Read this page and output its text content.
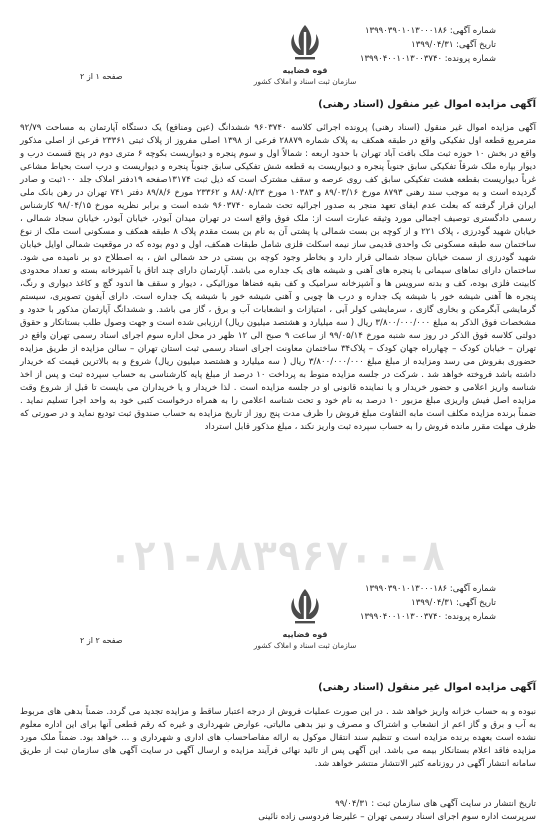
شماره آگهی: ۱۳۹۹۰۳۹۰۱۰۱۳۰۰۰۱۸۶
تاریخ آگهی: ۱۳۹۹/۰۴/۳۱
شماره پرونده: ۱۳۹۹۰۴۰۰۱۰۱۳۰۰۳۷۴۰
صفحه ۱ از ۲
قوه قضاییه
سازمان ثبت اسناد و املاک کشور
آگهی مزایده اموال غیر منقول (اسناد رهنی)
آگهی مزایده اموال غیر منقول (اسناد رهنی) پرونده اجرائی کلاسه ۹۶۰۳۷۴۰ ششدانگ (عین ومنافع) یک دستگاه آپارتمان به مساحت ۹۲/۷۹ مترمربع قطعه اول تفکیکی واقع در طبقه همکف به پلاک شماره ۲۸۸۷۹ فرعی از ۱۳۹۸ اصلی مفروز از پلاک ثبتی ۲۳۳۶۱ فرعی از اصلی مذکور واقع در بخش ۱۰ حوزه ثبت ملک بافت آباد تهران با حدود اربعه : شمالاً اول و سوم پنجره و دیواریست بکوچه ۶ متری دوم در پنج قسمت درب و دیوار بپاره ملک شرقاً تفکیکی سابق جنوباً پنجره و دیواریست به قطعه شش تفکیکی سابق جنوباً پنجره و دیواریست و درب است بحیاط مشاعی غرباً دیواریست بقطعه هشت تفکیکی سابق کف روی عرصه و سقف مشترک است که ذیل ثبت ۱۳۱۷۴صفحه ۱۹دفتر املاک جلد ۱۰۰ثبت و صادر گردیده است و به موجب سند رهنی ۸۷۹۳ مورخ ۸۹/۰۳/۱۶ و ۱۰۳۸۳ مورخ ۸۸/۰۸/۲۳ و ۲۳۳۶۲ مورخ ۸۹/۸/۶ دفتر ۷۴۱ تهران در رهن بانک ملی ایران قرار گرفته که بعلت عدم ایفای تعهد منجر به صدور اجرائیه تحت شماره ۹۶۰۳۷۴۰ شده است و برابر نظریه مورخ ۹۸/۰۴/۱۵ کارشناس رسمی دادگستری توصیف اجمالی مورد وثیقه عبارت است از: ملک فوق واقع است در تهران میدان آبوذر، خیابان آبوذر، خیابان سجاد شمالی ، خیابان شهید گودرزی ، پلاک ۲۲۱ و از کوچه بن بست شمالی یا پشتی آن به نام بن بست مقدم پلاک ۸ طبقه همکف و مسکونی است ملک از نوع ساختمان سه طبقه مسکونی تک واحدی قدیمی ساز نیمه اسکلت فلزی شامل طبقات همکف، اول و دوم بوده که در موقعیت شمالی اوایل خیابان شهید گودرزی از سمت خیابان سجاد شمالی قرار دارد و بخاطر وجود کوچه بن بستی در حد شمالی اش ، به اصطلاح دو بر نامیده می شود. ساختمان دارای نماهای سیمانی با پنجره های آهنی و شیشه های یک جداره می باشد. آپارتمان دارای چند اتاق با آشپزخانه بسته و تعداد محدودی کابینت فلزی بوده، کف و بدنه سرویس ها و آشپزخانه سرامیک و کف بقیه فضاها موزائیکی ، دیوار و سقف ها اندود گچ و کاغذ دیواری و رنگ، پنجره ها آهنی شیشه خور با شیشه یک جداره و درب ها چوبی و آهنی شیشه خور با شیشه یک جداره است. دارای آیفون تصویری، سیستم گرمایشی آبگرمکن و بخاری گازی ، سرمایشی کولر آبی ، امتیازات و انشعابات آب و برق ، گاز می باشد. و ششدانگ آپارتمان مذکور با حدود و مشخصات فوق الذکر به مبلغ ۳/۸۰۰/۰۰۰/۰۰۰ ریال ( سه میلیارد و هشتصد میلیون ریال) ارزیابی شده است و جهت وصول طلب بستانکار و حقوق دولتی کلاسه فوق الذکر در روز سه شنبه مورخ ۹۹/۰۵/۱۴ از ساعت ۹ صبح الی ۱۲ ظهر در محل اداره سوم اجرای اسناد رسمی تهران واقع در تهران – خیابان کودک – چهارراه جهان کودک – پلاک۳۴ ساختمان معاونت اجرای اسناد رسمی ثبت استان تهران – سالن مزایده از طریق مزایده حضوری بفروش می رسد ومزایده از مبلغ مبلغ ۳/۸۰۰/۰۰۰/۰۰۰ ریال ( سه میلیارد و هشتصد میلیون ریال) شروع و به بالاترین قیمت که خریدار داشته باشد فروخته خواهد شد . شرکت در جلسه مزایده منوط به پرداخت ۱۰ درصد از مبلغ پایه کارشناسی به حساب سپرده ثبت و پس از اخذ شناسه واریز اعلامی و حضور خریدار و یا نماینده قانونی او در جلسه مزایده است . لذا خریدار و یا خریداران می بایست تا قبل از شروع وقت مزایده اصل فیش واریزی مبلغ مزبور ۱۰ درصد به نام خود و تحت شناسه اعلامی را به همراه درخواست کتبی خود به واحد اجرا تسلیم نماید . ضمناً برنده مزایده مکلف است مابه التفاوت مبلغ فروش را ظرف مدت پنج روز از تاریخ مزایده به حساب صندوق ثبت تودیع نماید و در صورتی که ظرف مهلت مقرر مانده فروش را به حساب سپرده ثبت واریز نکند ، مبلغ مذکور قابل استرداد
۰۲۱-۸۸۳۹۶۷۰۰-۸
شماره آگهی: ۱۳۹۹۰۳۹۰۱۰۱۳۰۰۰۱۸۶
تاریخ آگهی: ۱۳۹۹/۰۴/۳۱
شماره پرونده: ۱۳۹۹۰۴۰۰۱۰۱۳۰۰۳۷۴۰
صفحه ۲ از ۲
قوه قضاییه
سازمان ثبت اسناد و املاک کشور
آگهی مزایده اموال غیر منقول (اسناد رهنی)
نبوده و به حساب خزانه واریز خواهد شد . در این صورت عملیات فروش از درجه اعتبار ساقط و مزایده تجدید می گردد. ضمناً بدهی های مربوط به آب و برق و گاز اعم از انشعاب و اشتراک و مصرف و نیز بدهی مالیاتی، عوارض شهرداری و غیره که رقم قطعی آنها برای این اداره معلوم نشده است بعهده برنده مزایده است و تنظیم سند انتقال موکول به ارائه مفاصاحساب های اداری و شهرداری و ... خواهد بود. ضمناً ملک مورد مزایده فاقد اعلام بستانکار بیمه می باشد. این آگهی پس از تائید نهائی فرآیند مزایده و ارسال آگهی در سایت آگهی های سازمان ثبت از طریق سامانه انتشار آگهی در روزنامه کثیر الانتشار منتشر خواهد شد.
تاریخ انتشار در سایت آگهی های سازمان ثبت : ۹۹/۰۴/۳۱
سرپرست اداره سوم اجرای اسناد رسمی تهران – علیرضا فردوسی زاده نائینی
